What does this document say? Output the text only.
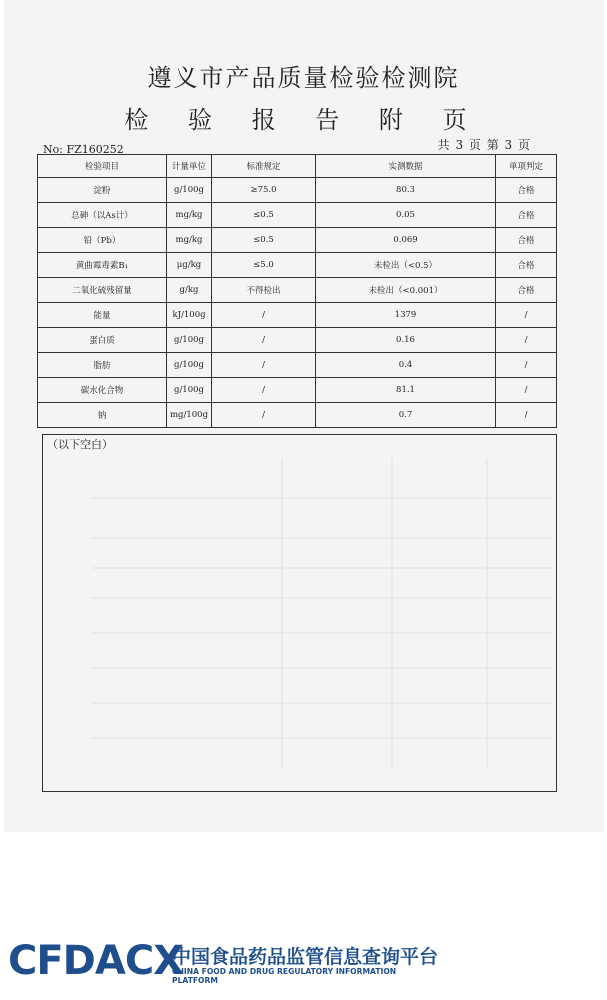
遵义市产品质量检验检测院
检 验 报 告 附 页
No: FZ160252	共 3 页 第 3 页
检验项目	计量单位	标准规定	实测数据	单项判定
淀粉	g/100g	≥75.0	80.3	合格
总砷（以As计）	mg/kg	≤0.5	0.05	合格
铅（Pb）	mg/kg	≤0.5	0.069	合格
黄曲霉毒素B₁	μg/kg	≤5.0	未检出（<0.5）	合格
二氧化硫残留量	g/kg	不得检出	未检出（<0.001）	合格
能量	kJ/100g	/	1379	/
蛋白质	g/100g	/	0.16	/
脂肪	g/100g	/	0.4	/
碳水化合物	g/100g	/	81.1	/
钠	mg/100g	/	0.7	/
（以下空白）
CFDACX
中国食品药品监管信息查询平台
CHINA FOOD AND DRUG REGULATORY INFORMATION PLATFORM
